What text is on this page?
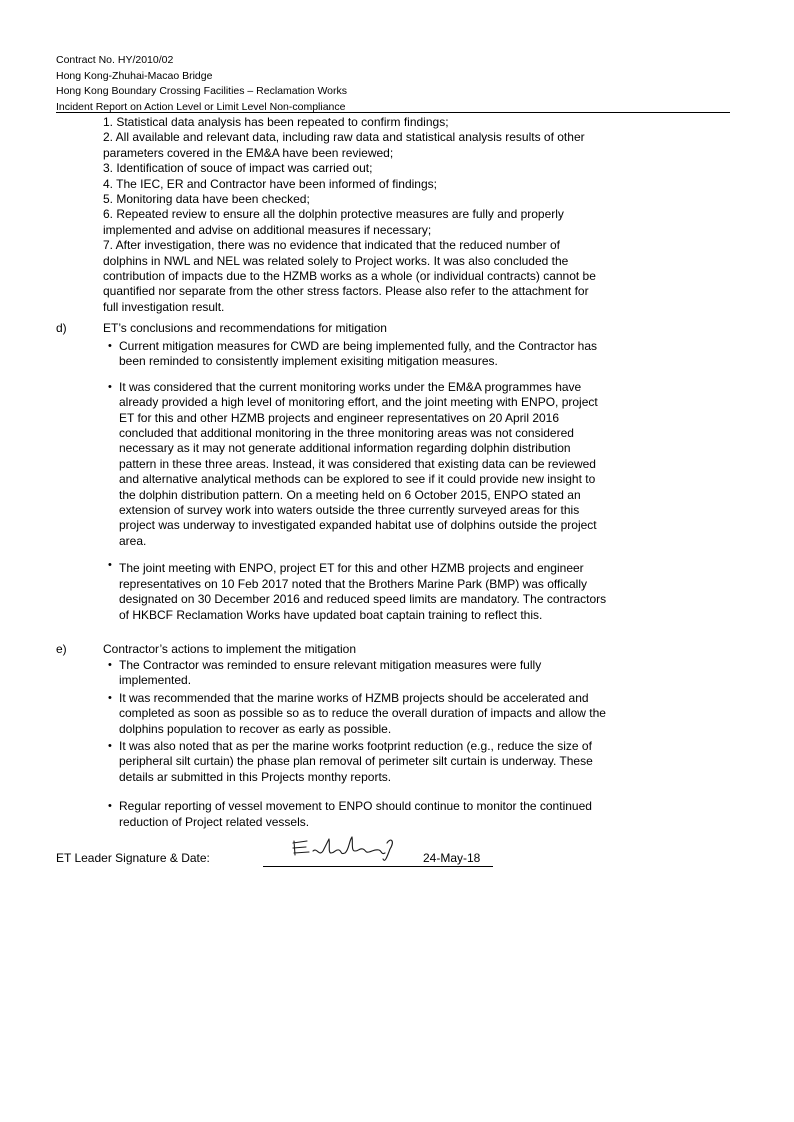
Contract No. HY/2010/02
Hong Kong-Zhuhai-Macao Bridge
Hong Kong Boundary Crossing Facilities – Reclamation Works
Incident Report on Action Level or Limit Level Non-compliance

1. Statistical data analysis has been repeated to confirm findings;

2. All available and relevant data, including raw data and statistical analysis results of other parameters covered in the EM&A have been reviewed;

3. Identification of souce of impact was carried out;

4. The IEC, ER and Contractor have been informed of findings;

5. Monitoring data have been checked;

6. Repeated review to ensure all the dolphin protective measures are fully and properly implemented and advise on additional measures if necessary;

7. After investigation, there was no evidence that indicated that the reduced number of dolphins in NWL and NEL was related solely to Project works. It was also concluded the contribution of impacts due to the HZMB works as a whole (or individual contracts) cannot be quantified nor separate from the other stress factors. Please also refer to the attachment for full investigation result.

d)	ET’s conclusions and recommendations for mitigation
• Current mitigation measures for CWD are being implemented fully, and the Contractor has been reminded to consistently implement exisiting mitigation measures.
• It was considered that the current monitoring works under the EM&A programmes have already provided a high level of monitoring effort, and the joint meeting with ENPO, project ET for this and other HZMB projects and engineer representatives on 20 April 2016 concluded that additional monitoring in the three monitoring areas was not considered necessary as it may not generate additional information regarding dolphin distribution pattern in these three areas. Instead, it was considered that existing data can be reviewed and alternative analytical methods can be explored to see if it could provide new insight to the dolphin distribution pattern. On a meeting held on 6 October 2015, ENPO stated an extension of survey work into waters outside the three currently surveyed areas for this project was underway to investigated expanded habitat use of dolphins outside the project area.
• The joint meeting with ENPO, project ET for this and other HZMB projects and engineer representatives on 10 Feb 2017 noted that the Brothers Marine Park (BMP) was offically designated on 30 December 2016 and reduced speed limits are mandatory. The contractors of HKBCF Reclamation Works have updated boat captain training to reflect this.
e)	Contractor’s actions to implement the mitigation
• The Contractor was reminded to ensure relevant mitigation measures were fully implemented.
• It was recommended that the marine works of HZMB projects should be accelerated and completed as soon as possible so as to reduce the overall duration of impacts and allow the dolphins population to recover as early as possible.
• It was also noted that as per the marine works footprint reduction (e.g., reduce the size of peripheral silt curtain) the phase plan removal of perimeter silt curtain is underway. These details ar submitted in this Projects monthy reports.
• Regular reporting of vessel movement to ENPO should continue to monitor the continued reduction of Project related vessels.
ET Leader Signature & Date:	24-May-18
